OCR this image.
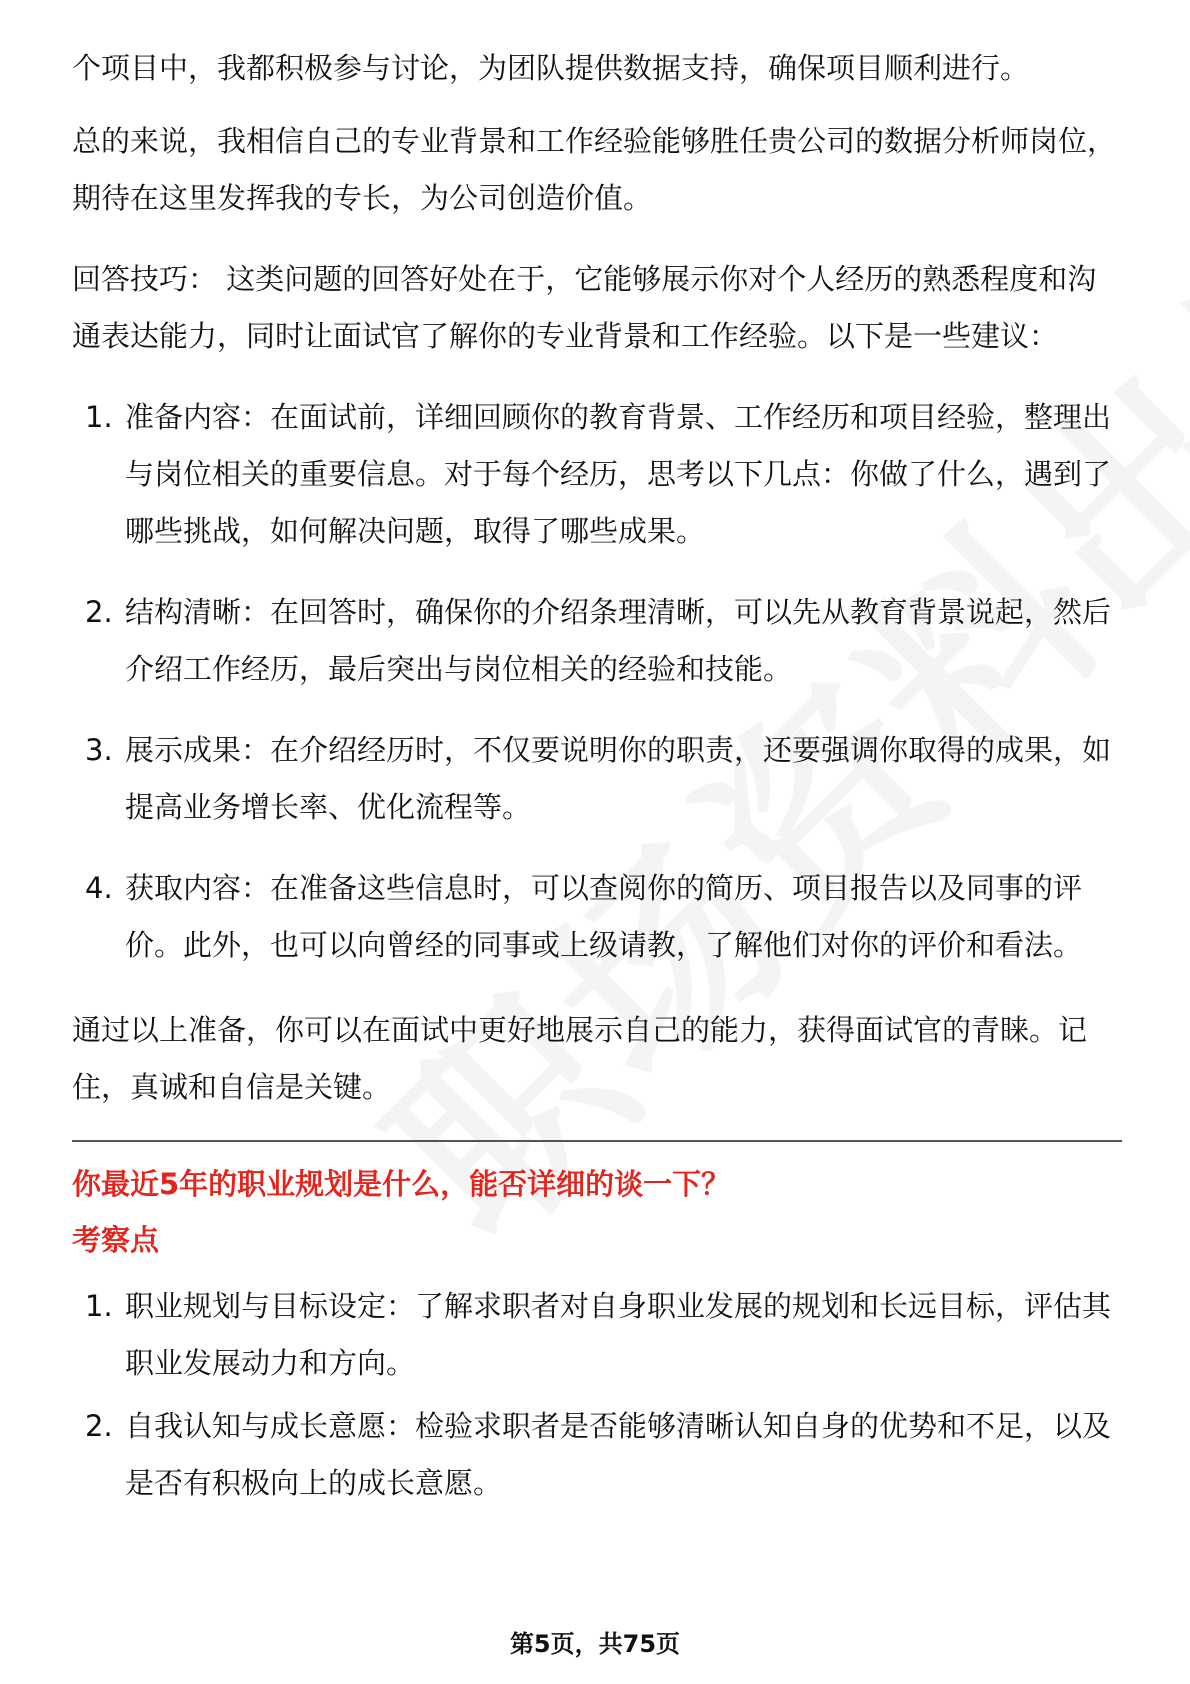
个项目中，我都积极参与讨论，为团队提供数据支持，确保项目顺利进行。

总的来说，我相信自己的专业背景和工作经验能够胜任贵公司的数据分析师岗位，期待在这里发挥我的专长，为公司创造价值。

回答技巧： 这类问题的回答好处在于，它能够展示你对个人经历的熟悉程度和沟通表达能力，同时让面试官了解你的专业背景和工作经验。以下是一些建议：

1. 准备内容：在面试前，详细回顾你的教育背景、工作经历和项目经验，整理出与岗位相关的重要信息。对于每个经历，思考以下几点：你做了什么，遇到了哪些挑战，如何解决问题，取得了哪些成果。
2. 结构清晰：在回答时，确保你的介绍条理清晰，可以先从教育背景说起，然后介绍工作经历，最后突出与岗位相关的经验和技能。
3. 展示成果：在介绍经历时，不仅要说明你的职责，还要强调你取得的成果，如提高业务增长率、优化流程等。
4. 获取内容：在准备这些信息时，可以查阅你的简历、项目报告以及同事的评价。此外，也可以向曾经的同事或上级请教，了解他们对你的评价和看法。

通过以上准备，你可以在面试中更好地展示自己的能力，获得面试官的青睐。记住，真诚和自信是关键。

你最近5年的职业规划是什么，能否详细的谈一下？
考察点
1. 职业规划与目标设定：了解求职者对自身职业发展的规划和长远目标，评估其职业发展动力和方向。
2. 自我认知与成长意愿：检验求职者是否能够清晰认知自身的优势和不足，以及是否有积极向上的成长意愿。
第5页，共75页
